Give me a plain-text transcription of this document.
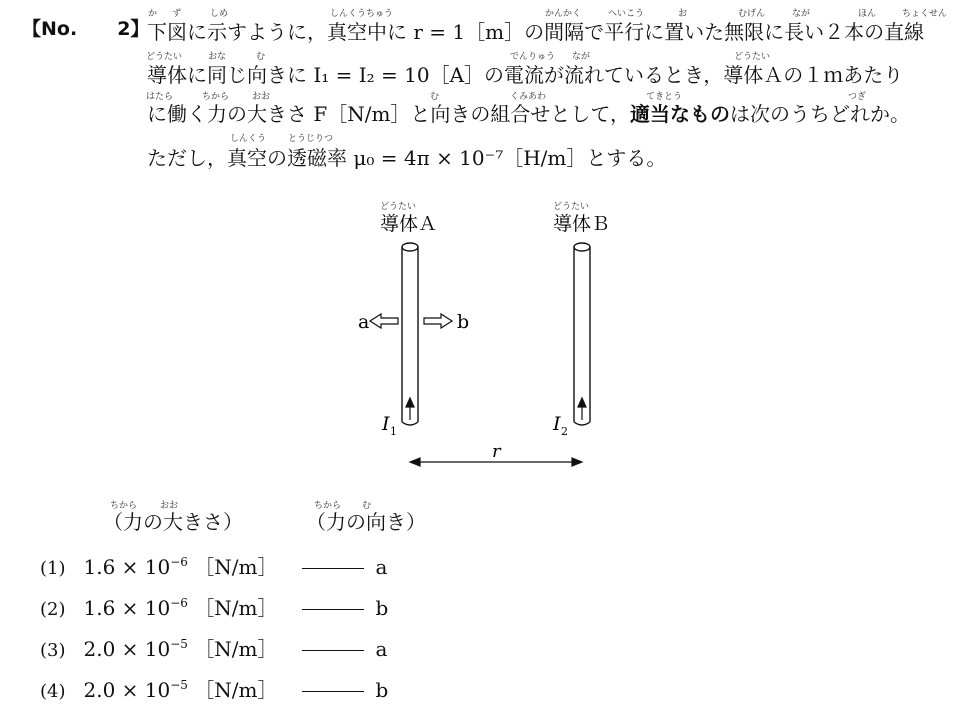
【No. 2】
か ず	しめ	しんくうちゅう	かんかく	へいこう	お	むげん	なが	ほん	ちょくせん
下図に示すように，真空中に r = 1［m］の間隔で平行に置いた無限に長い２本の直線
どうたい	おな	む	でんりゅう なが	どうたい
導体に同じ向きに I₁ = I₂ = 10［A］の電流が流れているとき，導体Ａの１ｍあたり
はたら	ちから	おお	む	くみあわ	てきとう	つぎ
に働く力の大きさ F［N/m］と向きの組合せとして，適当なものは次のうちどれか。
しんくう とうじりつ
ただし，真空の透磁率 μ₀ = 4π × 10⁻⁷［H/m］とする。
どうたい
導体Ａ
どうたい
導体Ｂ
a	b
I 1	I 2
r
ちから	おお	ちから む
（力の大きさ）	（力の向き）
(1) $1.6 \times 10^{-6}$ ［N/m］	a
(2) $1.6 \times 10^{-6}$ ［N/m］	b
(3) $2.0 \times 10^{-5}$ ［N/m］	a
(4) $2.0 \times 10^{-5}$ ［N/m］	b
